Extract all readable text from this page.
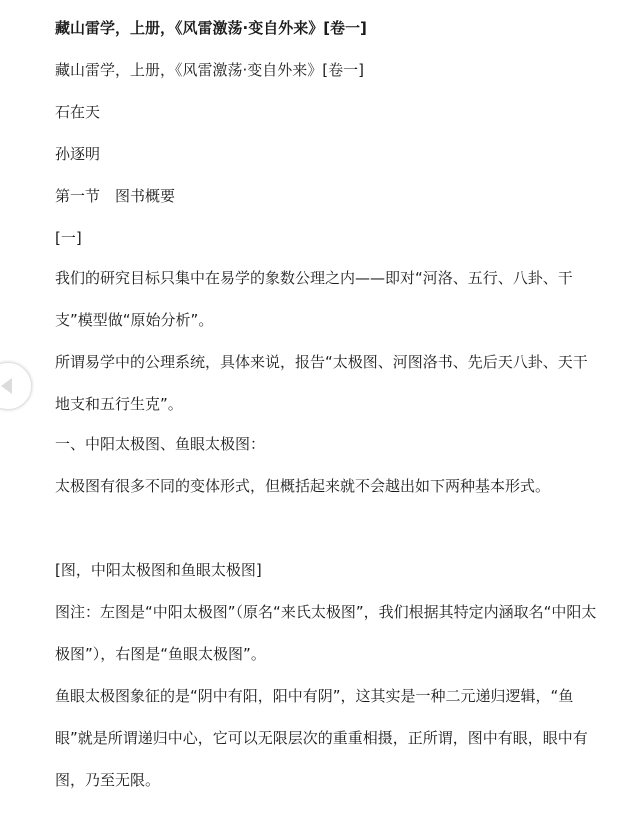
藏山雷学，上册，《风雷激荡·变自外来》[卷一]

藏山雷学，上册，《风雷激荡·变自外来》[卷一]

石在天

孙逐明

第一节　图书概要

[一]

我们的研究目标只集中在易学的象数公理之内——即对“河洛、五行、八卦、干支”模型做“原始分析”。

所谓易学中的公理系统，具体来说，报告“太极图、河图洛书、先后天八卦、天干地支和五行生克”。

一、中阳太极图、鱼眼太极图：

太极图有很多不同的变体形式，但概括起来就不会越出如下两种基本形式。

[图，中阳太极图和鱼眼太极图]

图注：左图是“中阳太极图”（原名“来氏太极图”，我们根据其特定内涵取名“中阳太极图”），右图是“鱼眼太极图”。

鱼眼太极图象征的是“阴中有阳，阳中有阴”，这其实是一种二元递归逻辑，“鱼眼”就是所谓递归中心，它可以无限层次的重重相摄，正所谓，图中有眼，眼中有图，乃至无限。
